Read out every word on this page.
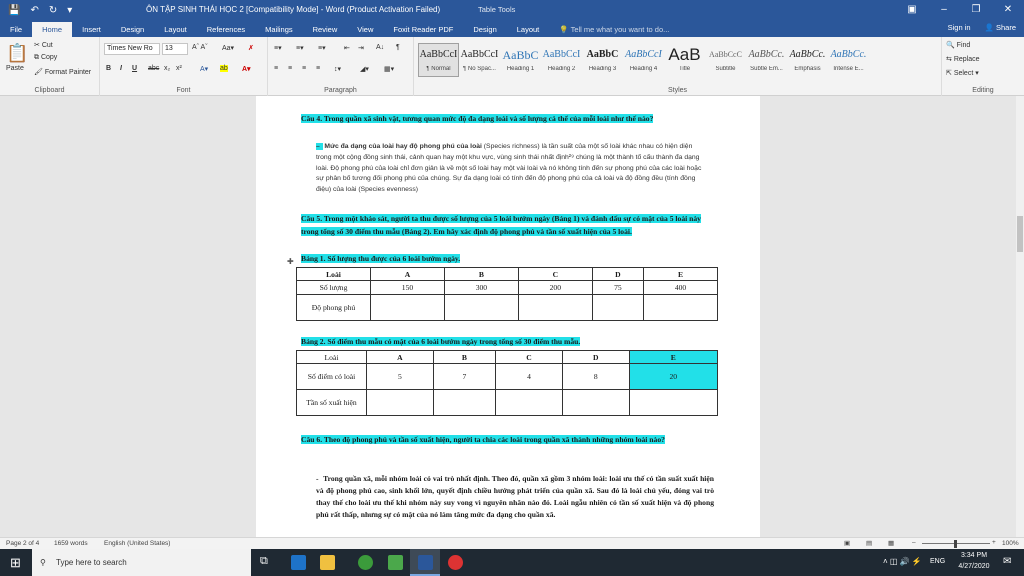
💾 ↶ ↻ ▾	ÔN TẬP SINH THÁI HỌC 2 [Compatibility Mode] - Word (Product Activation Failed)	Table Tools	▣	–	❐	✕
File	Home	Insert	Design	Layout	References	Mailings	Review	View	Foxit Reader PDF	Design	Layout	💡 Tell me what you want to do...	Sign in 👤 Share
📋
Paste
✂ Cut
⧉ Copy
🖌 Format Painter
Clipboard
Times New Ro	13	Aˆ Aˇ Aa▾ ✗
B I U abc x₂ x²	A▾ ab A▾
Font
≡▾ ≡▾ ≡▾	⇤ ⇥ A↓ ¶
≡ ≡ ≡ ≡ ↕▾	◢▾ ▦▾
Paragraph	Styles
AaBbCcI
¶ Normal
AaBbCcI
¶ No Spac...
AaBbC
Heading 1
AaBbCcI
Heading 2
AaBbC
Heading 3
AaBbCcI
Heading 4
AaB
Title
AaBbCcC
Subtitle
AaBbCc.
Subtle Em...
AaBbCc.
Emphasis
AaBbCc.
Intense E...
🔍 Find
⇆ Replace
⇱ Select ▾
Editing
Câu 4. Trong quần xã sinh vật, tương quan mức độ đa dạng loài và số lượng cá thể của mỗi loài như thế nào?
–   Mức đa dạng của loài hay độ phong phú của loài (Species richness) là tần suất của một số loài khác nhau có hiện diện trong một cộng đồng sinh thái, cảnh quan hay một khu vực, vùng sinh thái nhất định²⁹ chúng là một thành tố cấu thành đa dạng loài. Độ phong phú của loài chỉ đơn giản là về một số loài hay một vài loài và nó không tính đến sự phong phú của các loài hoặc sự phân bố tương đối phong phú của chúng. Sự đa dạng loài có tính đến độ phong phú của cả loài và độ đồng đều (tính đồng điệu) của loài (Species evenness)
Câu 5. Trong một khảo sát, người ta thu được số lượng của 5 loài bướm ngày (Bảng 1) và đánh dấu sự có mặt của 5 loài này trong tổng số 30 điểm thu mẫu (Bảng 2). Em hãy xác định độ phong phú và tần số xuất hiện của 5 loài.
✚ Bảng 1. Số lượng thu được của 6 loài bướm ngày.
Loài	A	B	C	D	E
Số lượng	150	300	200	75	400
Độ phong phú					
Bảng 2. Số điểm thu mẫu có mặt của 6 loài bướm ngày trong tổng số 30 điểm thu mẫu.
Loài	A	B	C	D	E
Số điểm có loài	5	7	4	8	20
Tần số xuất hiện					
Câu 6. Theo độ phong phú và tần số xuất hiện, người ta chia các loài trong quần xã thành những nhóm loài nào?
-   Trong quần xã, mỗi nhóm loài có vai trò nhất định. Theo đó, quần xã gồm 3 nhóm loài: loài ưu thế có tần suất xuất hiện và độ phong phú cao, sinh khối lớn, quyết định chiều hướng phát triển của quần xã. Sau đó là loài chủ yếu, đóng vai trò thay thế cho loài ưu thế khi nhóm này suy vong vì nguyên nhân nào đó. Loài ngẫu nhiên có tần số xuất hiện và độ phong phú rất thấp, nhưng sự có mặt của nó làm tăng mức đa dạng cho quần xã.
Page 2 of 4 1659 words	English (United States)	▣ ▤ ▦	–	+ 100%
⊞ ⚲ Type here to search	⧉	˄ ◫ 🔊 ⚡ ENG
3:34 PM
4/27/2020	✉
